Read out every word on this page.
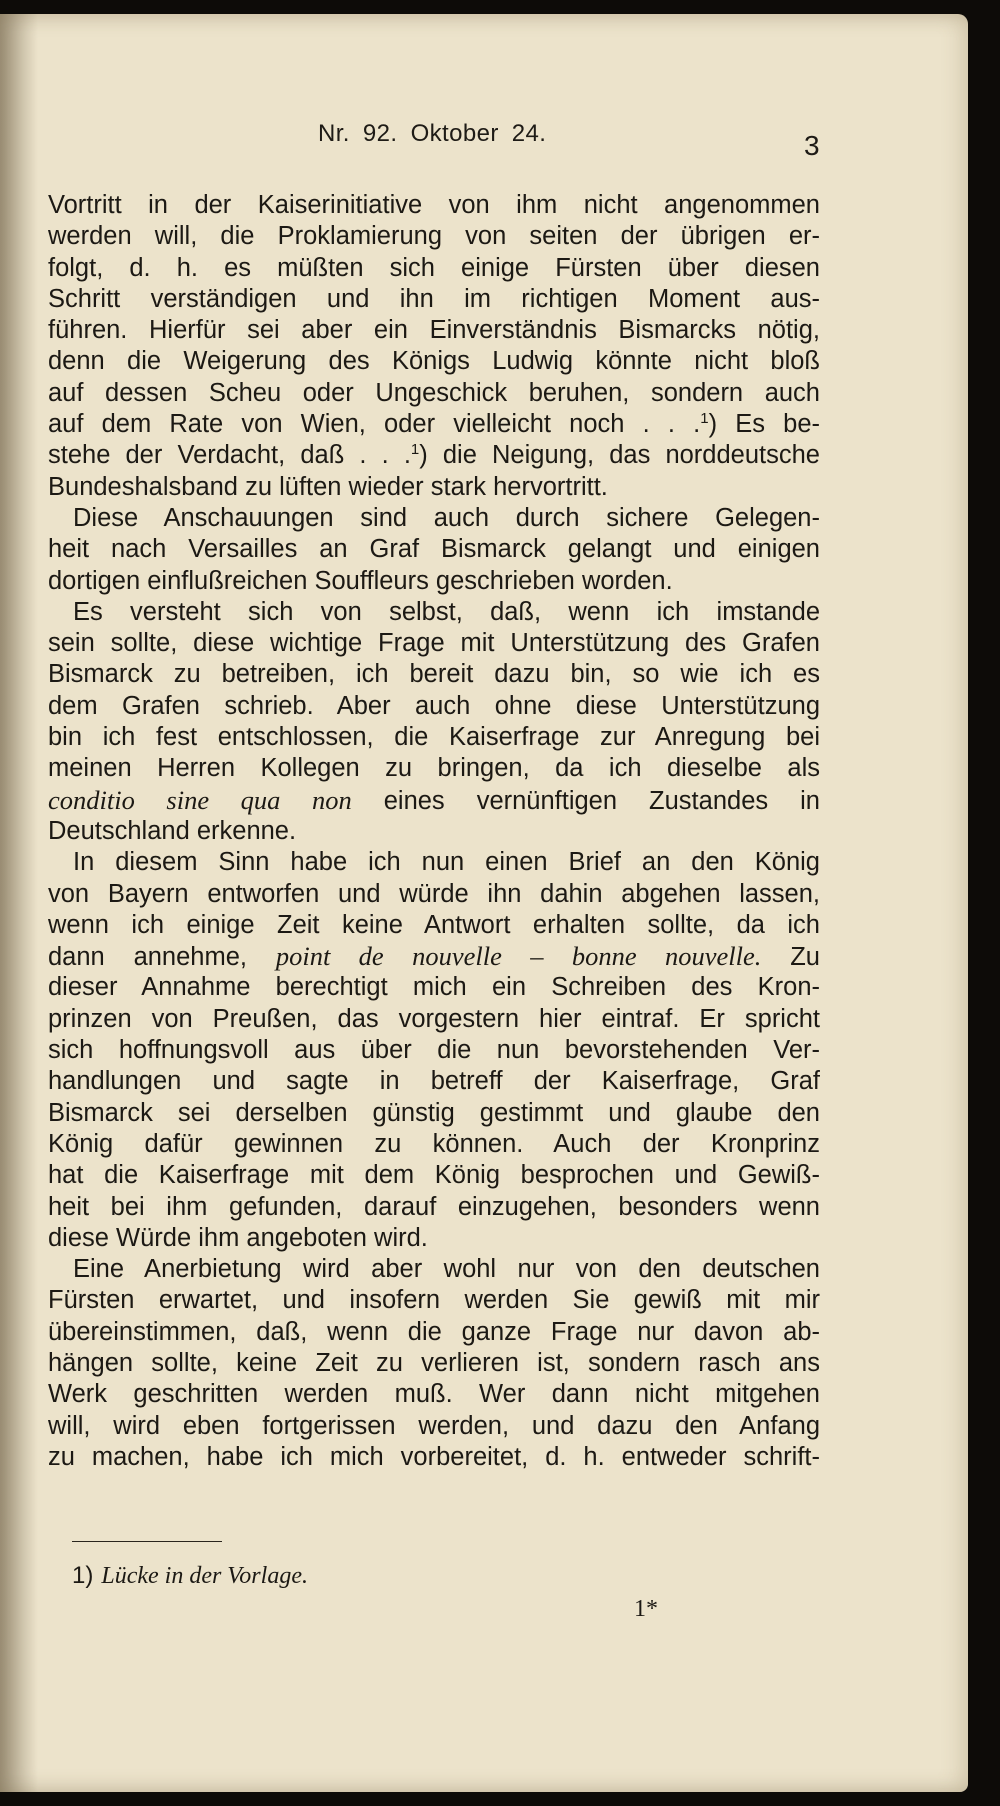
Nr. 92. Oktober 24.	3
Vortritt in der Kaiserinitiative von ihm nicht angenommen
werden will, die Proklamierung von seiten der übrigen er-
folgt, d. h. es müßten sich einige Fürsten über diesen
Schritt verständigen und ihn im richtigen Moment aus-
führen. Hierfür sei aber ein Einverständnis Bismarcks nötig,
denn die Weigerung des Königs Ludwig könnte nicht bloß
auf dessen Scheu oder Ungeschick beruhen, sondern auch
auf dem Rate von Wien, oder vielleicht noch . . .$^1$) Es be-
stehe der Verdacht, daß . . .$^1$) die Neigung, das norddeutsche
Bundeshalsband zu lüften wieder stark hervortritt.
Diese Anschauungen sind auch durch sichere Gelegen-
heit nach Versailles an Graf Bismarck gelangt und einigen
dortigen einflußreichen Souffleurs geschrieben worden.
Es versteht sich von selbst, daß, wenn ich imstande
sein sollte, diese wichtige Frage mit Unterstützung des Grafen
Bismarck zu betreiben, ich bereit dazu bin, so wie ich es
dem Grafen schrieb. Aber auch ohne diese Unterstützung
bin ich fest entschlossen, die Kaiserfrage zur Anregung bei
meinen Herren Kollegen zu bringen, da ich dieselbe als
conditio sine qua non eines vernünftigen Zustandes in
Deutschland erkenne.
In diesem Sinn habe ich nun einen Brief an den König
von Bayern entworfen und würde ihn dahin abgehen lassen,
wenn ich einige Zeit keine Antwort erhalten sollte, da ich
dann annehme, point de nouvelle – bonne nouvelle. Zu
dieser Annahme berechtigt mich ein Schreiben des Kron-
prinzen von Preußen, das vorgestern hier eintraf. Er spricht
sich hoffnungsvoll aus über die nun bevorstehenden Ver-
handlungen und sagte in betreff der Kaiserfrage, Graf
Bismarck sei derselben günstig gestimmt und glaube den
König dafür gewinnen zu können. Auch der Kronprinz
hat die Kaiserfrage mit dem König besprochen und Gewiß-
heit bei ihm gefunden, darauf einzugehen, besonders wenn
diese Würde ihm angeboten wird.
Eine Anerbietung wird aber wohl nur von den deutschen
Fürsten erwartet, und insofern werden Sie gewiß mit mir
übereinstimmen, daß, wenn die ganze Frage nur davon ab-
hängen sollte, keine Zeit zu verlieren ist, sondern rasch ans
Werk geschritten werden muß. Wer dann nicht mitgehen
will, wird eben fortgerissen werden, und dazu den Anfang
zu machen, habe ich mich vorbereitet, d. h. entweder schrift-
1) Lücke in der Vorlage.
1*
